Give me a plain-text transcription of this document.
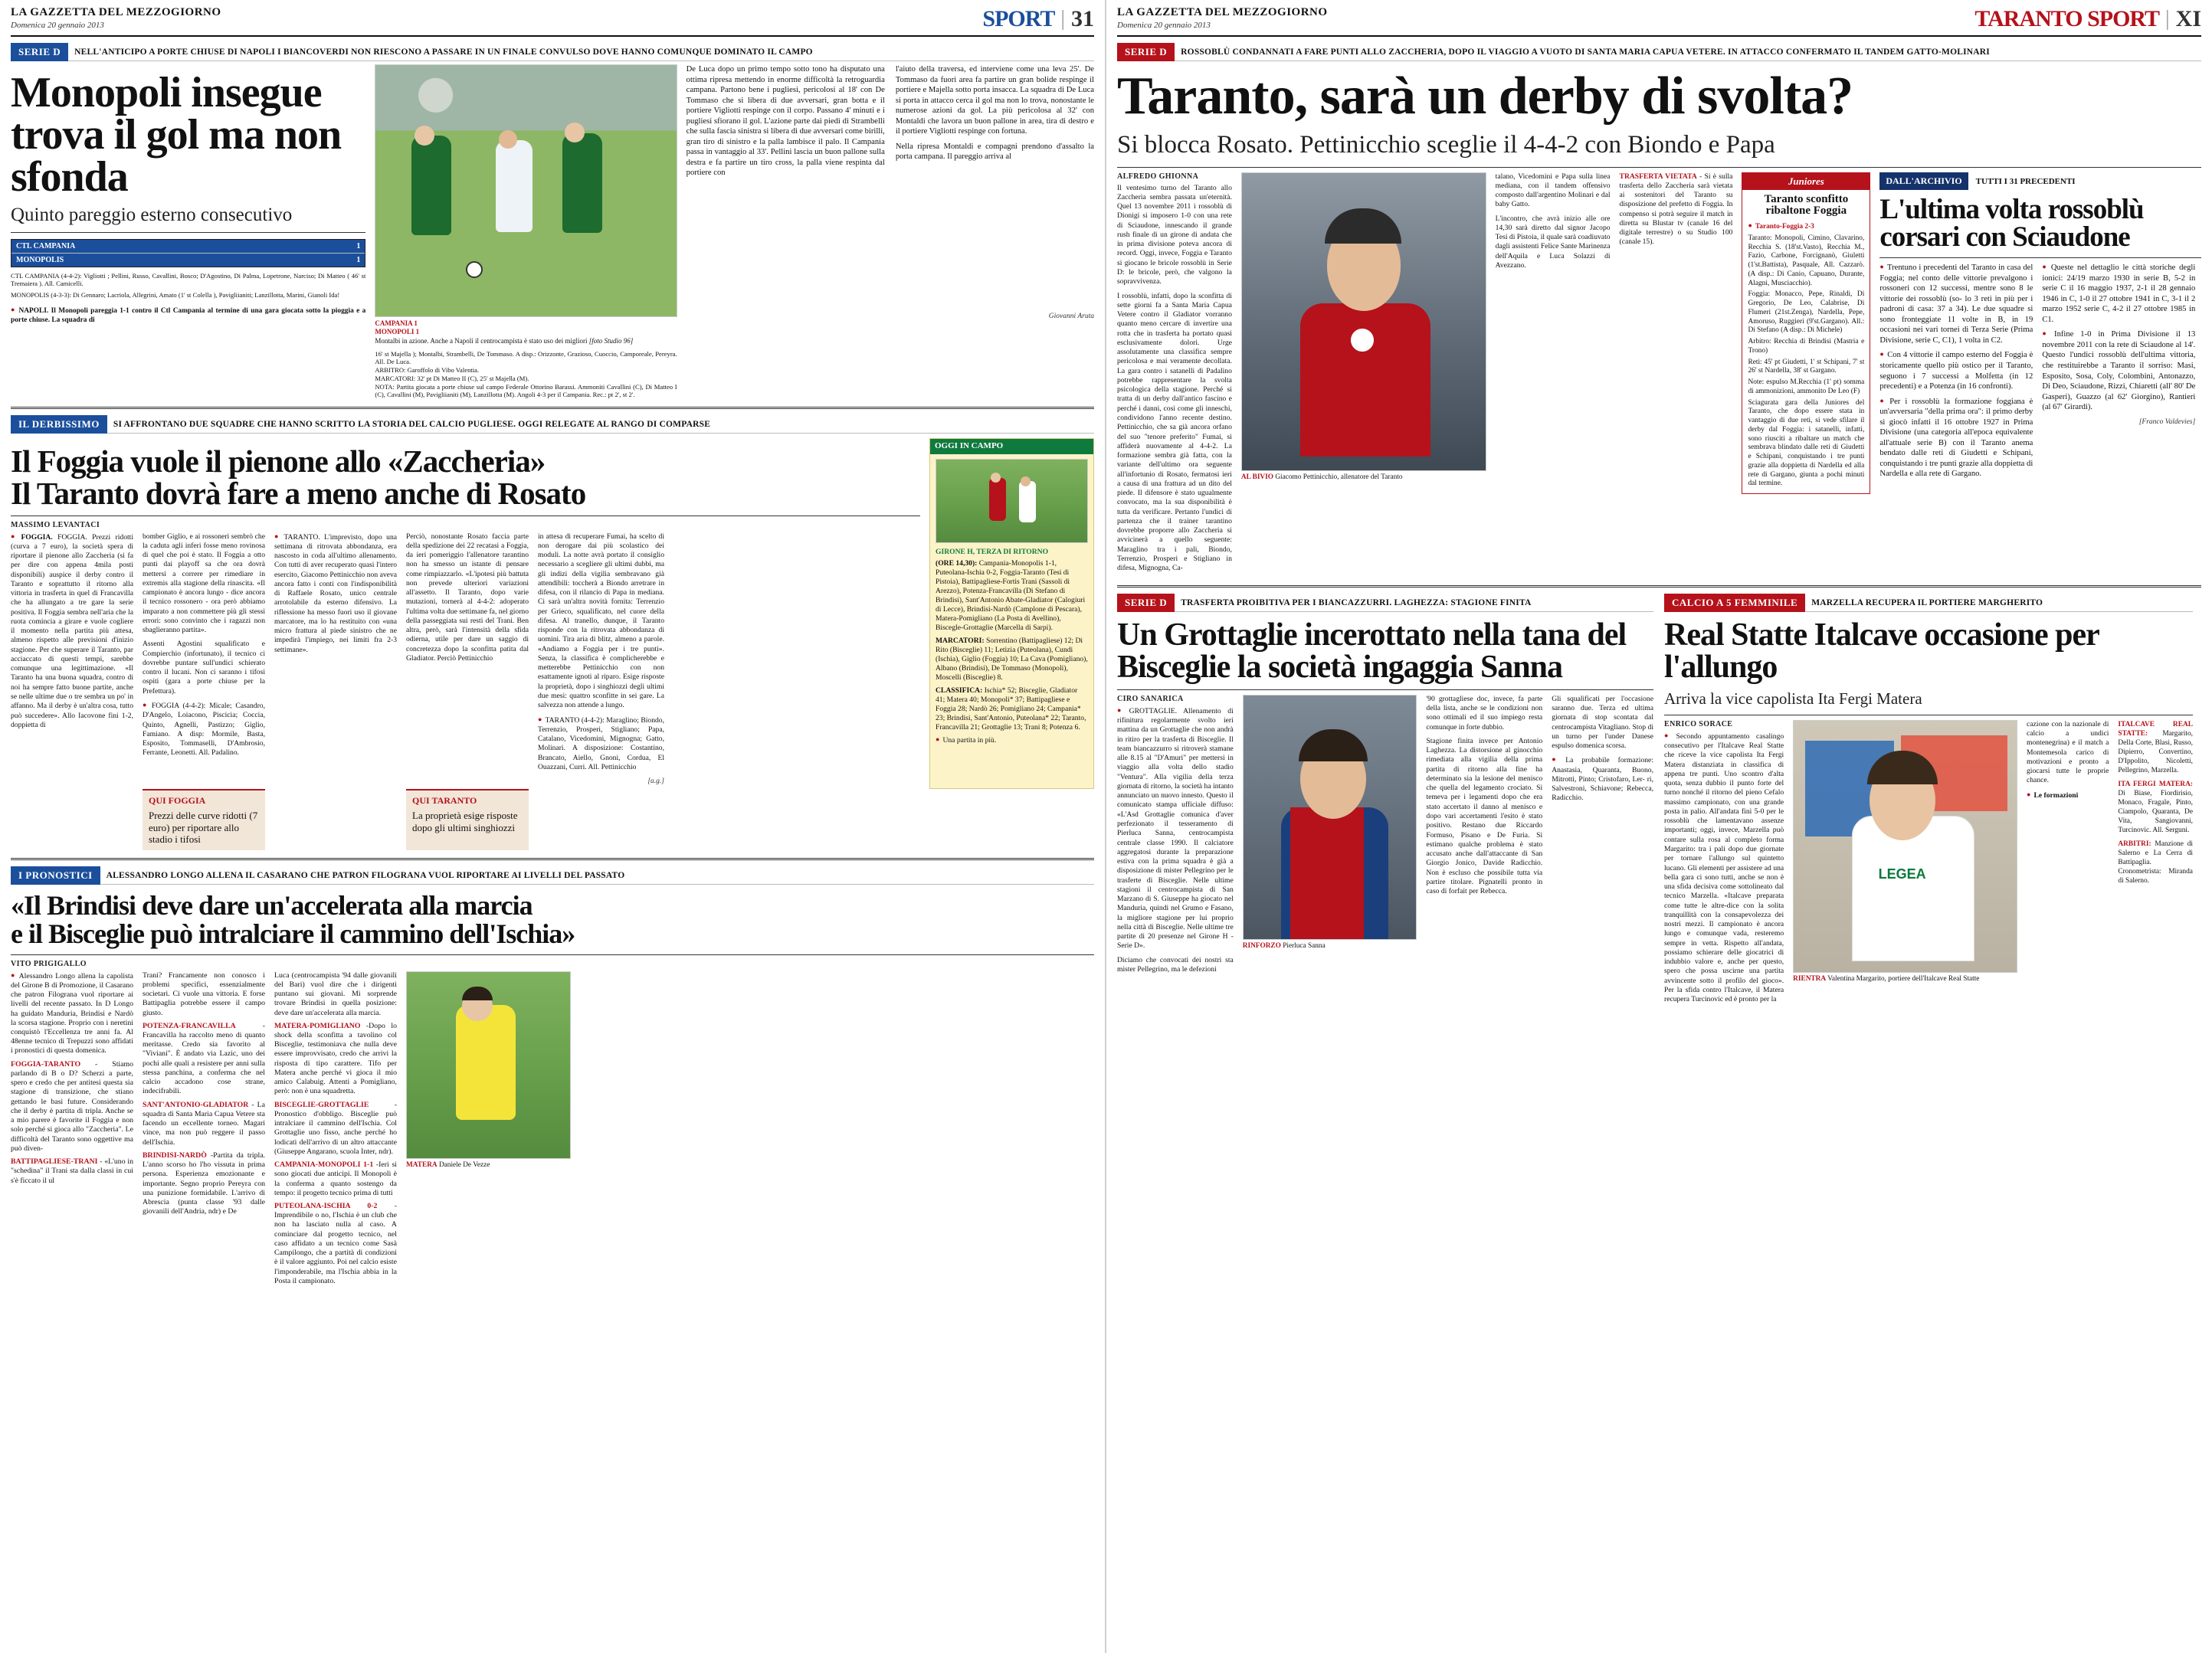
LA GAZZETTA DEL MEZZOGIORNO
Domenica 20 gennaio 2013	SPORT | 31
SERIE D	NELL'ANTICIPO A PORTE CHIUSE DI NAPOLI I BIANCOVERDI NON RIESCONO A PASSARE IN UN FINALE CONVULSO DOVE HANNO COMUNQUE DOMINATO IL CAMPO
Monopoli insegue trova il gol ma non sfonda
Quinto pareggio esterno consecutivo
CTL CAMPANIA	1
MONOPOLIS	1
CTL CAMPANIA (4-4-2): Vigliotti ; Pellini, Russo, Cavallini, Bosco; D'Agostino, Di Palma, Lopetrone, Narciso; Di Matteo ( 46' st Tremaiera ). All. Camicelli.
MONOPOLIS (4-3-3): Di Gennaro; Lacriola, Allegrini, Amato (1' st Colella ), Pavigliianiti; Lanzillotta, Marini, Gianoli Ida!
● NAPOLI. Il Monopoli pareggia 1-1 contro il Ctl Campania al termine di una gara giocata sotto la pioggia e a porte chiuse. La squadra di	CAMPANIA 1
MONOPOLI 1
Montalbi in azione. Anche a Napoli il centrocampista è stato uso dei migliori [foto Studio 96]
16' st Majella ); Montalbi, Strambelli, De Tommaso. A disp.: Orizzonte, Grazioso, Cuoccio, Camporeale, Pereyra. All. De Luca.
ARBITRO: Garoffolo di Vibo Valentia.
MARCATORI: 32' pt Di Matteo II (C), 25' st Majella (M).
NOTA: Partita giocata a porte chiuse sul campo Federale Ottorino Barassi. Ammoniti Cavallini (C), Di Matteo I (C), Cavallini (M), Pavigliianiti (M), Lanzillotta (M). Angoli 4-3 per il Campania. Rec.: pt 2', st 2'.

De Luca dopo un primo tempo sotto tono ha disputato una ottima ripresa mettendo in enorme difficoltà la retroguardia campana. Partono bene i pugliesi, pericolosi al 18' con De Tommaso che si libera di due avversari, gran botta e il portiere Vigliotti respinge con il corpo. Passano 4' minuti e i pugliesi sfiorano il gol. L'azione parte dai piedi di Strambelli che sulla fascia sinistra si libera di due avversari come birilli, gran tiro di sinistro e la palla lambisce il palo. Il Campania passa in vantaggio al 33'. Pellini lascia un buon pallone sulla destra e fa partire un tiro cross, la palla viene respinta dal portiere con

l'aiuto della traversa, ed interviene come una leva 25'. De Tommaso da fuori area fa partire un gran bolide respinge il portiere e Majella sotto porta insacca. La squadra di De Luca si porta in attacco cerca il gol ma non lo trova, nonostante le numerose azioni da gol. La più pericolosa al 32' con Montaldi che lavora un buon pallone in area, tira di destro e il portiere Vigliotti respinge con fortuna.

Nella ripresa Montaldi e compagni prendono d'assalto la porta campana. Il pareggio arriva al

Giovanni Aruta
IL DERBISSIMO	SI AFFRONTANO DUE SQUADRE CHE HANNO SCRITTO LA STORIA DEL CALCIO PUGLIESE. OGGI RELEGATE AL RANGO DI COMPARSE
Il Foggia vuole il pienone allo «Zaccheria»
Il Taranto dovrà fare a meno anche di Rosato
MASSIMO LEVANTACI

● FOGGIA. FOGGIA. Prezzi ridotti (curva a 7 euro), la società spera di riportare il pienone allo Zaccheria (si fa per dire con appena 4mila posti disponibili) auspice il derby contro il Taranto e soprattutto il ritorno alla vittoria in trasferta in quel di Francavilla che ha allungato a tre gare la serie positiva. Il Foggia sembra nell'aria che la ruota comincia a girare e vuole cogliere il momento nella partita più attesa, almeno rispetto alle previsioni d'inizio stagione. Per che superare il Taranto, par acciaccato di questi tempi, sarebbe comunque una legittimazione. «Il Taranto ha una buona squadra, contro di noi ha sempre fatto buone partite, anche se nelle ultime due o tre sembra un po' in affanno. Ma il derby è un'altra cosa, tutto può succedere». Allo Iacovone fini 1-2, doppietta di

bomber Giglio, e ai rossoneri sembrò che la caduta agli inferi fosse meno rovinosa di quel che poi è stato. Il Foggia a otto punti dai playoff sa che ora dovrà mettersi a correre per rimediare in extremis alla stagione della rinascita. «Il campionato è ancora lungo - dice ancora il tecnico rossonero - ora però abbiamo imparato a non commettere più gli stessi errori: sono convinto che i ragazzi non sbaglieranno partita».

Assenti Agostini squalificato e Compierchio (infortunato), il tecnico ci dovrebbe puntare sull'undici schierato contro il lucani. Non ci saranno i tifosi ospiti (gara a porte chiuse per la Prefettura).

● FOGGIA (4-4-2): Micale; Casandro, D'Angelo, Loiacono, Piscicia; Coccia, Quinto, Agnelli, Pastizzo; Giglio, Famiano. A disp: Mormile, Basta, Esposito, Tommaselli, D'Ambrosio, Ferrante, Leonetti. All. Padalino.

● TARANTO. L'imprevisto, dopo una settimana di ritrovata abbondanza, era nascosto in coda all'ultimo allenamento. Con tutti di aver recuperato quasi l'intero esercito, Giacomo Pettinicchio non aveva ancora fatto i conti con l'indisponibilità di Raffaele Rosato, unico centrale arrotolabile da esterno difensivo. La riflessione ha messo fuori uso il giovane marcatore, ma lo ha restituito con «una micro frattura al piede sinistro che ne impedirà l'impiego, nei limiti fra 2-3 settimane».

Perciò, nonostante Rosato faccia parte della spedizione dei 22 recatasi a Foggia, da ieri pomeriggio l'allenatore tarantino non ha smesso un istante di pensare come rimpiazzarlo. «L'ipotesi più battuta non prevede ulteriori variazioni all'assetto. Il Taranto, dopo varie mutazioni, tornerà al 4-4-2: adoperato l'ultima volta due settimane fa, nel giorno della passeggiata sui resti del Trani. Ben altra, però, sarà l'intensità della sfida odierna, utile per dare un saggio di concretezza dopo la sconfitta patita dal Gladiator. Perciò Pettinicchio

in attesa di recuperare Fumai, ha scelto di non derogare dai più scolastico dei moduli. La notte avrà portato il consiglio necessario a scegliere gli ultimi dubbi, ma gli indizi della vigilia sembravano già attendibili: toccherà a Biondo arretrare in difesa, con il rilancio di Papa in mediana. Ci sarà un'altra novità fornita: Terrenzio per Grieco, squalificato, nel cuore della difesa. Al tranello, dunque, il Taranto risponde con la ritrovata abbondanza di uomini. Tira aria di blitz, almeno a parole. «Andiamo a Foggia per i tre punti». Senza, la classifica è complicherebbe e metterebbe Pettinicchio con non esattamente ignoti al riparo. Esige risposte la proprietà, dopo i singhiozzi degli ultimi due mesi: quattro sconfitte in sei gare. La salvezza non attende a lungo.

● TARANTO (4-4-2): Maraglino; Biondo, Terrenzio, Prosperi, Stigliano; Papa, Catalano, Vicedomini, Mignogna; Gatto, Molinari. A disposizione: Costantino, Brancato, Aiello, Gnoni, Cordua, El Ouazzani, Curri. All. Pettinicchio

[a.g.]
QUI FOGGIA
Prezzi delle curve ridotti (7 euro) per riportare allo stadio i tifosi
QUI TARANTO
La proprietà esige risposte dopo gli ultimi singhiozzi
OGGI IN CAMPO
GIRONE H, TERZA DI RITORNO
(ORE 14,30): Campania-Monopolis 1-1, Puteolana-Ischia 0-2, Foggia-Taranto (Tesi di Pistoia), Battipagliese-Fortis Trani (Sassoli di Arezzo), Potenza-Francavilla (Di Stefano di Brindisi), Sant'Antonio Abate-Gladiator (Calogiuri di Lecce), Brindisi-Nardò (Camplone di Pescara), Matera-Pomigliano (La Posta di Avellino), Biscegle-Grottaglie (Marcella di Sarpi).
MARCATORI: Sorrentino (Battipagliese) 12; Di Rito (Bisceglie) 11; Letizia (Puteolana), Cundi (Ischia), Giglio (Foggia) 10; La Cava (Pomigliano), Albano (Brindisi), De Tommaso (Monopoli), Moscelli (Bisceglie) 8.
CLASSIFICA: Ischia* 52; Bisceglie, Gladiator 41; Matera 40; Monopoli* 37; Battipagliese e Foggia 28; Nardò 26; Pomigliano 24; Campania* 23; Brindisi, Sant'Antonio, Puteolana* 22; Taranto, Francavilla 21; Grottaglie 13; Trani 8; Potenza 6.
● Una partita in più.
I PRONOSTICI	ALESSANDRO LONGO ALLENA IL CASARANO CHE PATRON FILOGRANA VUOL RIPORTARE AI LIVELLI DEL PASSATO
«Il Brindisi deve dare un'accelerata alla marcia
e il Bisceglie può intralciare il cammino dell'Ischia»
VITO PRIGIGALLO
● Alessandro Longo allena la capolista del Girone B di Promozione, il Casarano che patron Filograna vuol riportare ai livelli del recente passato. In D Longo ha guidato Manduria, Brindisi e Nardò la scorsa stagione. Proprio con i neretini conquistò l'Eccellenza tre anni fa. Al 48enne tecnico di Trepuzzi sono affidati i pronostici di questa domenica.
FOGGIA-TARANTO - Stiamo parlando di B o D? Scherzi a parte, spero e credo che per antitesi questa sia stagione di transizione, che stiano gettando le basi future. Considerando che il derby è partita di tripla. Anche se a mio parere è favorite il Foggia e non solo perché si gioca allo "Zaccheria". Le difficoltà del Taranto sono oggettive ma può diven-
BATTIPAGLIESE-TRANI - «L'uno in "schedina" il Trani sta dalla classi in cui s'è ficcato il ul
Trani? Francamente non conosco i problemi specifici, essenzialmente societari. Ci vuole una vittoria. E forse Battipaglia potrebbe essere il campo giusto.
POTENZA-FRANCAVILLA -Francavilla ha raccolto meno di quanto meritasse. Credo sia favorito al "Viviani". È andato via Lazic, uno dei pochi alle quali a resistere per anni sulla stessa panchina, a conferma che nel calcio accadono cose strane, indecifrabili.
SANT'ANTONIO-GLADIATOR - La squadra di Santa Maria Capua Vetere sta facendo un eccellente torneo. Magari vince, ma non può reggere il passo dell'Ischia.
BRINDISI-NARDÒ -Partita da tripla. L'anno scorso ho l'ho vissuta in prima persona. Esperienza emozionante e importante. Segno proprio Pereyra con una punizione formidabile. L'arrivo di Abrescia (punta classe '93 dalle giovanili dell'Andria, ndr) e De
Luca (centrocampista '94 dalle giovanili del Bari) vuol dire che i dirigenti puntano sui giovani. Mi sorprende trovare Brindisi in quella posizione: deve dare un'accelerata alla marcia.
MATERA-POMIGLIANO -Dopo lo shock della sconfitta a tavolino col Bisceglie, testimoniava che nulla deve essere improvvisato, credo che arrivi la risposta di tipo carattere. Tifo per Matera anche perché vi gioca il mio amico Calabuig. Attenti a Pomigliano, però: non è una squadretta.
BISCEGLIE-GROTTAGLIE -Pronostico d'obbligo. Bisceglie può intralciare il cammino dell'Ischia. Col Grottaglie uno fisso, anche perché ho lodicati dell'arrivo di un altro attaccante (Giuseppe Angarano, scuola Inter, ndr).
CAMPANIA-MONOPOLI 1-1 -Ieri si sono giocati due anticipi. Il Monopoli è la conferma a quanto sostengo da tempo: il progetto tecnico prima di tutti
PUTEOLANA-ISCHIA 0-2 -Imprendibile o no, l'Ischia è un club che non ha lasciato nulla al caso. A cominciare dal progetto tecnico, nel caso affidato a un tecnico come Sasà Campilongo, che a partità di condizioni è il valore aggiunto. Poi nel calcio esiste l'imponderabile, ma l'Ischia abbia in la Posta il campionato.
MATERA Daniele De Vezze
LA GAZZETTA DEL MEZZOGIORNO
Domenica 20 gennaio 2013	TARANTO SPORT | XI
SERIE D	ROSSOBLÙ CONDANNATI A FARE PUNTI ALLO ZACCHERIA, DOPO IL VIAGGIO A VUOTO DI SANTA MARIA CAPUA VETERE. IN ATTACCO CONFERMATO IL TANDEM GATTO-MOLINARI
Taranto, sarà un derby di svolta?
Si blocca Rosato. Pettinicchio sceglie il 4-4-2 con Biondo e Papa
ALFREDO GHIONNA

Il ventesimo turno del Taranto allo Zaccheria sembra passata un'eternità. Quel 13 novembre 2011 i rossoblù di Dionigi si imposero 1-0 con una rete di Sciaudone, innescando il grande rush finale di un girone di andata che in prima divisione poteva ancora di record. Oggi, invece, Foggia e Taranto si giocano le bricole rossoblù in Serie D: le bricole, però, che valgono la sopravvivenza.

I rossoblù, infatti, dopo la sconfitta di sette giorni fa a Santa Maria Capua Vetere contro il Gladiator vorranno quanto meno cercare di invertire una rotta che in trasferta ha portato quasi esclusivamente dolori. Urge assolutamente una classifica sempre pericolosa e mai veramente decollata. La gara contro i satanelli di Padalino potrebbe rappresentare la svolta psicologica della stagione. Perché si tratta di un derby dall'antico fascino e perché i danni, così come gli inneschi, condividono l'anno recente destino. Pettinicchio, che sa già ancora orfano del suo "tenore preferito" Fumai, si affiderà nuovamente al 4-4-2. La formazione sembra già fatta, con la variante dell'ultimo ora seguente all'infortunio di Rosato, fermatosi ieri a causa di una frattura ad un dito del piede. Il difensore è stato ugualmente convocato, ma la sua disponibilità è tutta da verificare. Pertanto l'undici di partenza che il trainer tarantino dovrebbe proporre allo Zaccheria si avvicinerà a quello seguente: Maraglino tra i pali, Biondo, Terrenzio, Prosperi e Stigliano in difesa, Mignogna, Ca-

AL BIVIO Giacomo Pettinicchio, allenatore del Taranto

talano, Vicedomini e Papa sulla linea mediana, con il tandem offensivo composto dall'argentino Molinari e dal baby Gatto.

L'incontro, che avrà inizio alle ore 14,30 sarà diretto dal signor Jacopo Tesi di Pistoia, il quale sarà coadiuvato dagli assistenti Felice Sante Marinenza dell'Aquila e Luca Solazzi di Avezzano.

TRASFERTA VIETATA - Si è sulla trasferta dello Zaccheria sarà vietata ai sostenitori del Taranto su disposizione del prefetto di Foggia. In compenso si potrà seguire il match in diretta su Blustar tv (canale 16 del digitale terrestre) o su Studio 100 (canale 15).

Juniores
Taranto sconfitto ribaltone Foggia
● Taranto-Foggia 2-3
Taranto: Monopoli, Cimino, Clavarino, Recchia S. (18'st.Vasto), Recchia M., Fazio, Carbone, Forcignanò, Giuletti (1'st.Battista), Pasquale, All. Cazzarò. (A disp.: Di Canio, Capuano, Durante, Alagni, Musciacchio).
Foggia: Monacco, Pepe, Rinaldi, Di Gregorio, De Leo, Calabrise, Di Flumeri (21st.Zenga), Nardella, Pepe, Amoruso, Ruggieri (9'st.Gargano). All.: Di Stefano (A disp.: Di Michele)
Arbitro: Recchia di Brindisi (Mastria e Trono)
Reti: 45' pt Giudetti, 1' st Schipani, 7' st 26' st Nardella, 38' st Gargano.
Note: espulso M.Recchia (1' pt) somma di ammonizioni, ammonito De Leo (F)
Sciagurata gara della Juniores del Taranto, che dopo essere stata in vantaggio di due reti, si vede sfilare il derby dal Foggia: i satanelli, infatti, sono riusciti a ribaltare un match che sembrava blindato dalle reti di Giudetti e Schipani, conquistando i tre punti grazie alla doppietta di Nardella ed alla rete di Gargano, giunta a pochi minuti dal termine.
DALL'ARCHIVIO TUTTI I 31 PRECEDENTI
L'ultima volta rossoblù corsari con Sciaudone

● Trentuno i precedenti del Taranto in casa del Foggia; nel conto delle vittorie prevalgono i rossoneri con 12 successi, mentre sono 8 le vittorie dei rossoblù (so- lo 3 reti in più per i padroni di casa: 37 a 34). Le due squadre si sono fronteggiate 11 volte in B, in 19 occasioni nei vari tornei di Terza Serie (Prima Divisione, serie C, C1), 1 volta in C2.

● Con 4 vittorie il campo esterno del Foggia è storicamente quello più ostico per il Taranto, seguono i 7 successi a Molfetta (in 12 precedenti) e a Potenza (in 16 confronti).

● Per i rossoblù la formazione foggiana è un'avversaria "della prima ora": il primo derby si giocò infatti il 16 ottobre 1927 in Prima Divisione (una categoria all'epoca equivalente all'attuale serie B) con il Taranto anema bendato dalle reti di Giudetti e Schipani, conquistando i tre punti grazie alla doppietta di Nardella e alla rete di Gargano.

● Queste nel dettaglio le città storiche degli ionici: 24/19 marzo 1930 in serie B, 5-2 in serie C il 16 maggio 1937, 2-1 il 28 gennaio 1946 in C, 1-0 il 27 ottobre 1941 in C, 3-1 il 2 marzo 1952 serie C, 4-2 il 27 ottobre 1985 in C1.

● Infine 1-0 in Prima Divisione il 13 novembre 2011 con la rete di Sciaudone al 14'. Questo l'undici rossoblù dell'ultima vittoria, che restituirebbe a Taranto il sorriso: Masi, Esposito, Sosa, Coly, Colombini, Antonazzo, Di Deo, Sciaudone, Rizzi, Chiaretti (all' 80' De Gasperi), Guazzo (al 62' Giorgino), Rantieri (al 67' Girardi).

[Franco Valdevies]
SERIE D	TRASFERTA PROIBITIVA PER I BIANCAZZURRI. LAGHEZZA: STAGIONE FINITA
Un Grottaglie incerottato nella tana del Bisceglie la società ingaggia Sanna
CIRO SANARICA

● GROTTAGLIE. Allenamento di rifinitura regolarmente svolto ieri mattina da un Grottaglie che non andrà in ritiro per la trasferta di Bisceglie. Il team biancazzurro si ritroverà stamane alle 8.15 al "D'Amuri" per mettersi in viaggio alla volta dello stadio "Ventura". Alla vigilia della terza giornata di ritorno, la società ha intanto annunciato un nuovo innesto. Questo il comunicato stampa ufficiale diffuso: «L'Asd Grottaglie comunica d'aver perfezionato il tesseramento di Pierluca Sanna, centrocampista centrale classe 1990. Il calciatore aggregatosi durante la preparazione estiva con la prima squadra è già a disposizione di mister Pellegrino per le trasferte di Bisceglie. Nelle ultime stagioni il centrocampista di San Marzano di S. Giuseppe ha giocato nel Manduria, quindi nel Grumo e Fasano, la migliore stagione per lui proprio nella città di Bisceglie. Nelle ultime tre partite di 20 presenze nel Girone H - Serie D».

Diciamo che convocati dei nostri sta mister Pellegrino, ma le defezioni

RINFORZO Pierluca Sanna

'90 grottagliese doc, invece, fa parte della lista, anche se le condizioni non sono ottimali ed il suo impiego resta comunque in forte dubbio.

Stagione finita invece per Antonio Laghezza. La distorsione al ginocchio rimediata alla vigilia della prima partita di ritorno alla fine ha determinato sia la lesione del menisco che quella del legamento crociato. Si temeva per i legamenti dopo che era stato accertato il danno al menisco e dopo vari accertamenti l'esito è stato positivo. Restano due Riccardo Formuso, Pisano e De Furia. Si estimano qualche problema è stato accusato anche dall'attaccante di San Giorgio Jonico, Davide Radicchio. Non è escluso che possibile tutta via partire titolare. Pignatelli pronto in caso di forfait per Rebecca.

Gli squalificati per l'occasione saranno due. Terza ed ultima giornata di stop scontata dal centrocampista Vitagliano. Stop di un turno per l'under Danese espulso domenica scorsa.

● La probabile formazione: Anastasia, Quaranta, Buono, Mitrotti, Pinto; Cristofaro, Ler- ri, Salvestroni, Schiavone; Rebecca, Radicchio.

CALCIO A 5 FEMMINILE	MARZELLA RECUPERA IL PORTIERE MARGHERITO
Real Statte Italcave occasione per l'allungo
Arriva la vice capolista Ita Fergi Matera
ENRICO SORACE

● Secondo appuntamento casalingo consecutivo per l'Italcave Real Statte che riceve la vice capolista Ita Fergi Matera distanziata in classifica di appena tre punti. Uno scontro d'alta quota, senza dubbio il punto forte del turno nonché il ritorno del pieno Cefalo massimo campionato, con una grande posta in palio. All'andata finì 5-0 per le rossoblù che lamentavano assenze importanti; oggi, invece, Marzella può contare sulla rosa al completo forma Margarito: tra i pali dopo due giornate per tornare l'allungo sul quintetto lucano. Gli elementi per assistere ad una bella gara ci sono tutti, anche se non è una sfida decisiva come sottolineato dal tecnico Marzella. «Italcave preparata come tutte le altre-dice con la solita tranquillità con la consapevolezza dei nostri mezzi. Il campionato è ancora lungo e comunque vada, resteremo sempre in vetta. Rispetto all'andata, possiamo schierare delle giocatrici di indubbio valore e, anche per questo, spero che possa uscirne una partita avvincente sotto il profilo del gioco». Per la sfida contro l'Italcave, il Matera recupera Turcinovic ed è pronto per la

LEGEA
RIENTRA Valentina Margarito, portiere dell'Italcave Real Statte

cazione con la nazionale di calcio a undici montenegrina) e il match a Montemesola carico di motivazioni e pronto a giocarsi tutte le proprie chance.

● Le formazioni

ITALCAVE REAL STATTE: Margarito, Della Corte, Blasi, Russo, Dipierro, Convertino, D'Ippolito, Nicoletti, Pellegrino, Marzella.

ITA FERGI MATERA: Di Biase, Fiordirisio, Monaco, Fragale, Pinto, Ciampolo, Quaranta, De Vita, Sangiovanni, Turcinovic. All. Serguni.

ARBITRI: Manzione di Salerno e La Cerra di Battipaglia. Cronometrista: Miranda di Salerno.
